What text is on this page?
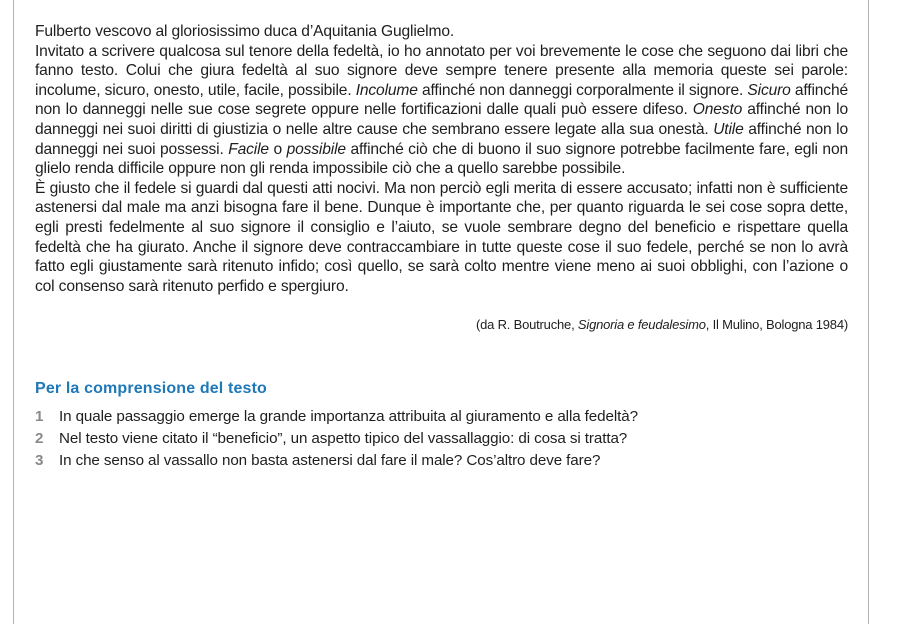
Fulberto vescovo al gloriosissimo duca d’Aquitania Guglielmo.

Invitato a scrivere qualcosa sul tenore della fedeltà, io ho annotato per voi brevemente le cose che seguono dai libri che fanno testo. Colui che giura fedeltà al suo signore deve sempre tenere presente alla memoria queste sei parole: incolume, sicuro, onesto, utile, facile, possibile. Incolume affinché non danneggi corporalmente il signore. Sicuro affinché non lo danneggi nelle sue cose segrete oppure nelle fortificazioni dalle quali può essere difeso. Onesto affinché non lo danneggi nei suoi diritti di giustizia o nelle altre cause che sembrano essere legate alla sua onestà. Utile affinché non lo danneggi nei suoi possessi. Facile o possibile affinché ciò che di buono il suo signore potrebbe facilmente fare, egli non glielo renda difficile oppure non gli renda impossibile ciò che a quello sarebbe possibile.

È giusto che il fedele si guardi dal questi atti nocivi. Ma non perciò egli merita di essere accusato; infatti non è sufficiente astenersi dal male ma anzi bisogna fare il bene. Dunque è importante che, per quanto riguarda le sei cose sopra dette, egli presti fedelmente al suo signore il consiglio e l’aiuto, se vuole sembrare degno del beneficio e rispettare quella fedeltà che ha giurato. Anche il signore deve contraccambiare in tutte queste cose il suo fedele, perché se non lo avrà fatto egli giustamente sarà ritenuto infido; così quello, se sarà colto mentre viene meno ai suoi obblighi, con l’azione o col consenso sarà ritenuto perfido e spergiuro.

(da R. Boutruche, Signoria e feudalesimo, Il Mulino, Bologna 1984)
Per la comprensione del testo
1	In quale passaggio emerge la grande importanza attribuita al giuramento e alla fedeltà?
2	Nel testo viene citato il “beneficio”, un aspetto tipico del vassallaggio: di cosa si tratta?
3	In che senso al vassallo non basta astenersi dal fare il male? Cos’altro deve fare?
